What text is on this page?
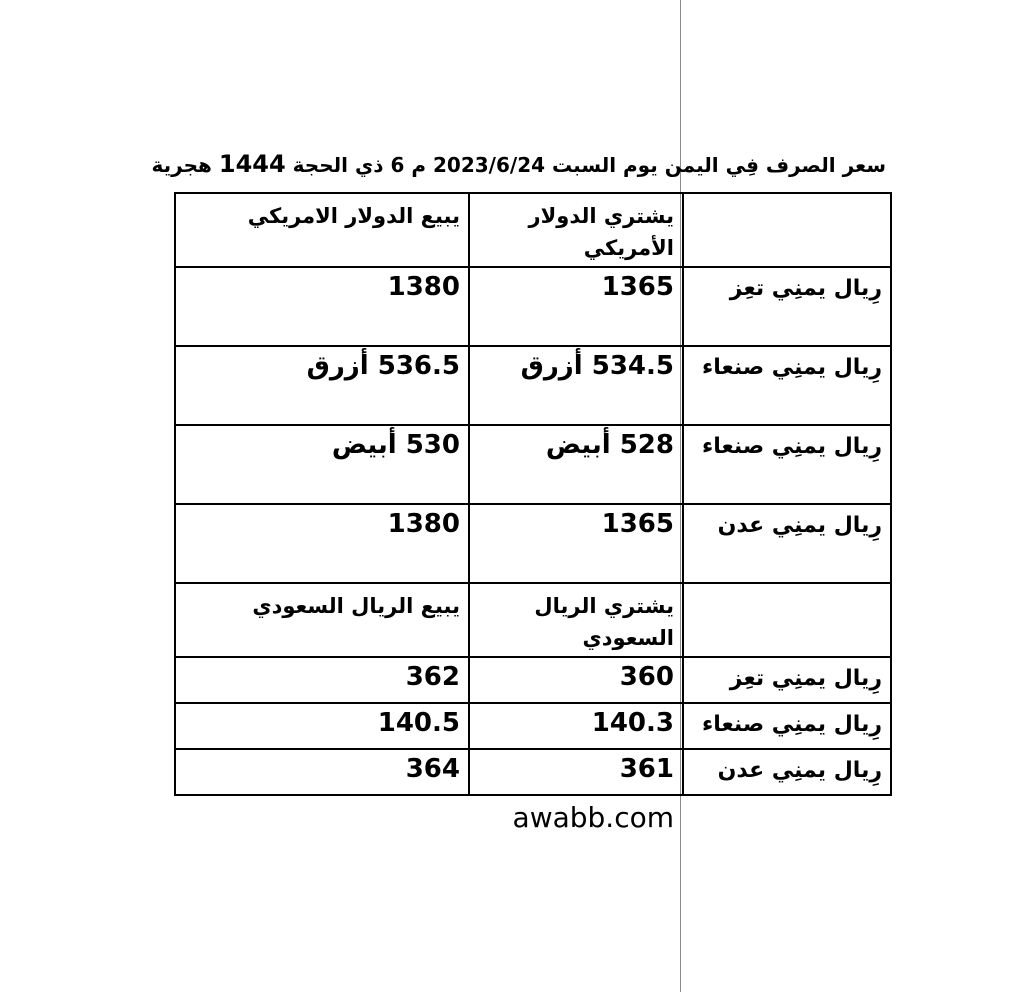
سعر الصرف فِي اليمن يوم السبت 2023/6/24 م 6 ذي الحجة 1444 هجرية
	يشتري الدولار الأمريكي	يبيع الدولار الامريكي
رِيال يمنِي تعِز	1365	1380
رِيال يمنِي صنعاء	534.5 أزرق	536.5 أزرق
رِيال يمنِي صنعاء	528 أبيض	530 أبيض
رِيال يمنِي عدن	1365	1380
	يشتري الريال السعودي	يبيع الريال السعودي
رِيال يمنِي تعِز	360	362
رِيال يمنِي صنعاء	140.3	140.5
رِيال يمنِي عدن	361	364
awabb.com
